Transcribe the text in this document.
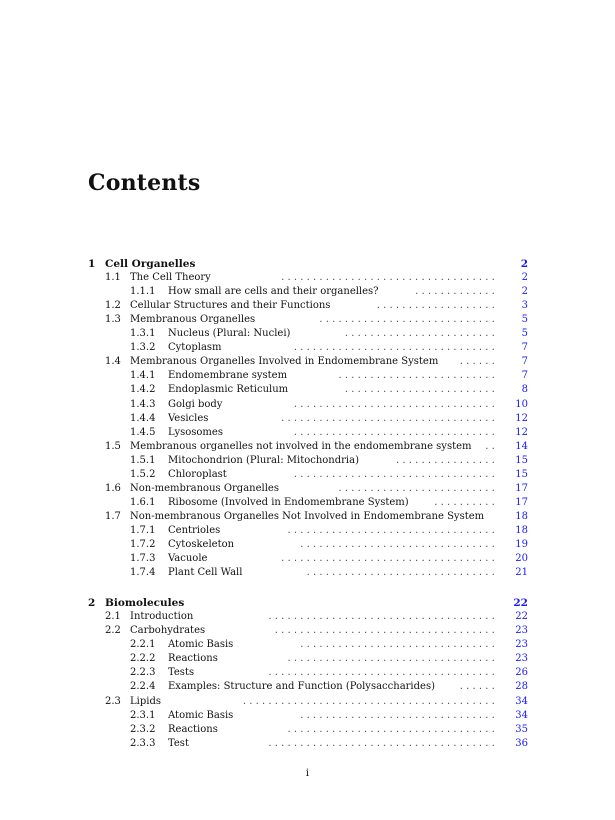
Contents
1 Cell Organelles	2
1.1 The Cell Theory	..................................	2
1.1.1 How small are cells and their organelles?	.............	2
1.2 Cellular Structures and their Functions	...................	3
1.3 Membranous Organelles	............................	5
1.3.1 Nucleus (Plural: Nuclei)	........................	5
1.3.2 Cytoplasm	................................	7
1.4 Membranous Organelles Involved in Endomembrane System	......	7
1.4.1 Endomembrane system	.........................	7
1.4.2 Endoplasmic Reticulum	........................	8
1.4.3 Golgi body	................................	10
1.4.4 Vesicles	..................................	12
1.4.5 Lysosomes	................................	12
1.5 Membranous organelles not involved in the endomembrane system	..	14
1.5.1 Mitochondrion (Plural: Mitochondria)	................	15
1.5.2 Chloroplast	................................	15
1.6 Non-membranous Organelles	.........................	17
1.6.1 Ribosome (Involved in Endomembrane System)	..........	17
1.7 Non-membranous Organelles Not Involved in Endomembrane System	18
1.7.1 Centrioles	.................................	18
1.7.2 Cytoskeleton	...............................	19
1.7.3 Vacuole	..................................	20
1.7.4 Plant Cell Wall	..............................	21
2 Biomolecules	22
2.1 Introduction	....................................	22
2.2 Carbohydrates	...................................	23
2.2.1 Atomic Basis	...............................	23
2.2.2 Reactions	.................................	23
2.2.3 Tests	....................................	26
2.2.4 Examples: Structure and Function (Polysaccharides)	......	28
2.3 Lipids	........................................	34
2.3.1 Atomic Basis	...............................	34
2.3.2 Reactions	.................................	35
2.3.3 Test	....................................	36
i
